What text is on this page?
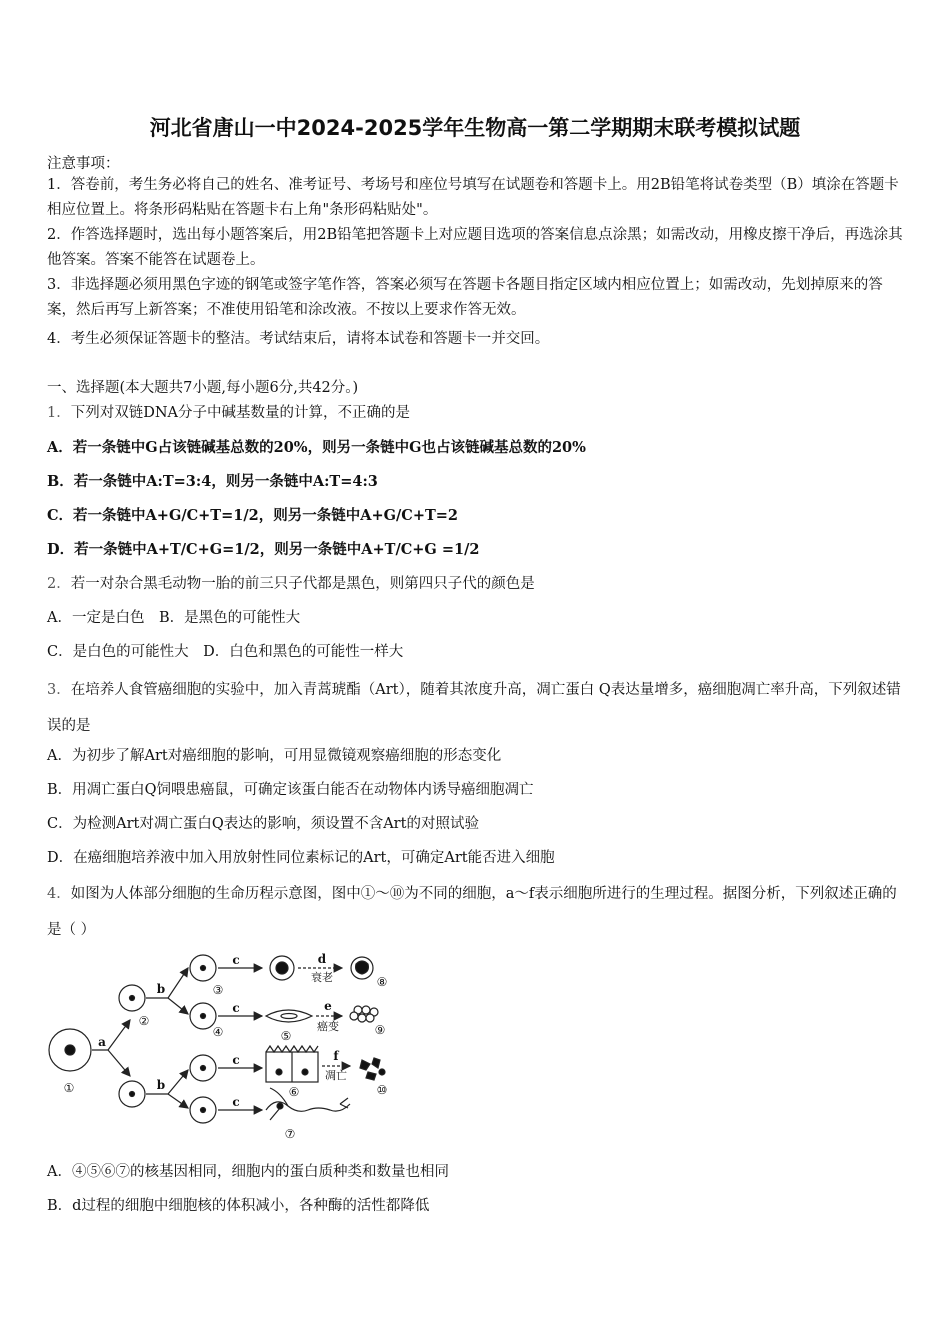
河北省唐山一中2024-2025学年生物高一第二学期期末联考模拟试题
注意事项：
1．答卷前，考生务必将自己的姓名、准考证号、考场号和座位号填写在试题卷和答题卡上。用2B铅笔将试卷类型（B）填涂在答题卡相应位置上。将条形码粘贴在答题卡右上角"条形码粘贴处"。
2．作答选择题时，选出每小题答案后，用2B铅笔把答题卡上对应题目选项的答案信息点涂黑；如需改动，用橡皮擦干净后，再选涂其他答案。答案不能答在试题卷上。
3．非选择题必须用黑色字迹的钢笔或签字笔作答，答案必须写在答题卡各题目指定区域内相应位置上；如需改动，先划掉原来的答案，然后再写上新答案；不准使用铅笔和涂改液。不按以上要求作答无效。
4．考生必须保证答题卡的整洁。考试结束后，请将本试卷和答题卡一并交回。
一、选择题(本大题共7小题,每小题6分,共42分。)
1．下列对双链DNA分子中碱基数量的计算，不正确的是
A．若一条链中G占该链碱基总数的20%，则另一条链中G也占该链碱基总数的20%
B．若一条链中A:T=3:4，则另一条链中A:T=4:3
C．若一条链中A+G/C+T=1/2，则另一条链中A+G/C+T=2
D．若一条链中A+T/C+G=1/2，则另一条链中A+T/C+G =1/2
2．若一对杂合黑毛动物一胎的前三只子代都是黑色，则第四只子代的颜色是
A．一定是白色　B．是黑色的可能性大
C．是白色的可能性大　D．白色和黑色的可能性一样大
3．在培养人食管癌细胞的实验中，加入青蒿琥酯（Art），随着其浓度升高，凋亡蛋白 Q表达量增多，癌细胞凋亡率升高，下列叙述错误的是
A．为初步了解Art对癌细胞的影响，可用显微镜观察癌细胞的形态变化
B．用凋亡蛋白Q饲喂患癌鼠，可确定该蛋白能否在动物体内诱导癌细胞凋亡
C．为检测Art对凋亡蛋白Q表达的影响，须设置不含Art的对照试验
D．在癌细胞培养液中加入用放射性同位素标记的Art，可确定Art能否进入细胞
4．如图为人体部分细胞的生命历程示意图，图中①～⑩为不同的细胞，a～f表示细胞所进行的生理过程。据图分析，下列叙述正确的是（ ）
①
②
③
④	⑤
⑥
⑦
⑧
⑨
⑩
a
b
b
c
c
c
c
d
e
f
衰老
癌变
凋亡
A．④⑤⑥⑦的核基因相同，细胞内的蛋白质种类和数量也相同
B．d过程的细胞中细胞核的体积减小，各种酶的活性都降低
